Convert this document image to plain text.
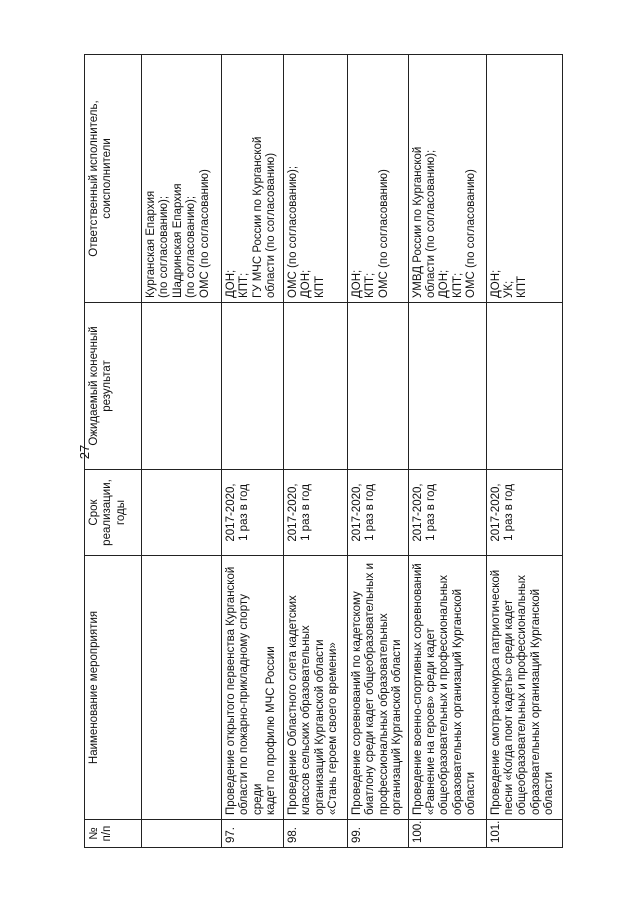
27
№ п/п	Наименование мероприятия	Срок реализации, годы	Ожидаемый конечный результат	Ответственный исполнитель, соисполнители

				Курганская Епархия (по согласованию); Шадринская Епархия (по согласованию); ОМС (по согласованию)

97.	Проведение открытого первенства Курганской области по пожарно-прикладному спорту среди кадет по профилю МЧС России	2017-2020, 1 раз в год		ДОН; КПТ; ГУ МЧС России по Курганской области (по согласованию)

98.	Проведение Областного слета кадетских классов сельских образовательных организаций Курганской области «Стань героем своего времени»	2017-2020, 1 раз в год		ОМС (по согласованию); ДОН; КПТ

99.	Проведение соревнований по кадетскому биатлону среди кадет общеобразовательных и профессиональных образовательных организаций Курганской области	2017-2020, 1 раз в год		ДОН; КПТ; ОМС (по согласованию)

100.	Проведение военно-спортивных соревнований «Равнение на героев» среди кадет общеобразовательных и профессиональных образовательных организаций Курганской области	2017-2020, 1 раз в год		УМВД России по Курганской области (по согласованию); ДОН; КПТ; ОМС (по согласованию)

101.	Проведение смотра-конкурса патриотической песни «Когда поют кадеты» среди кадет общеобразовательных и профессиональных образовательных организаций Курганской области	2017-2020, 1 раз в год		ДОН; УК; КПТ
